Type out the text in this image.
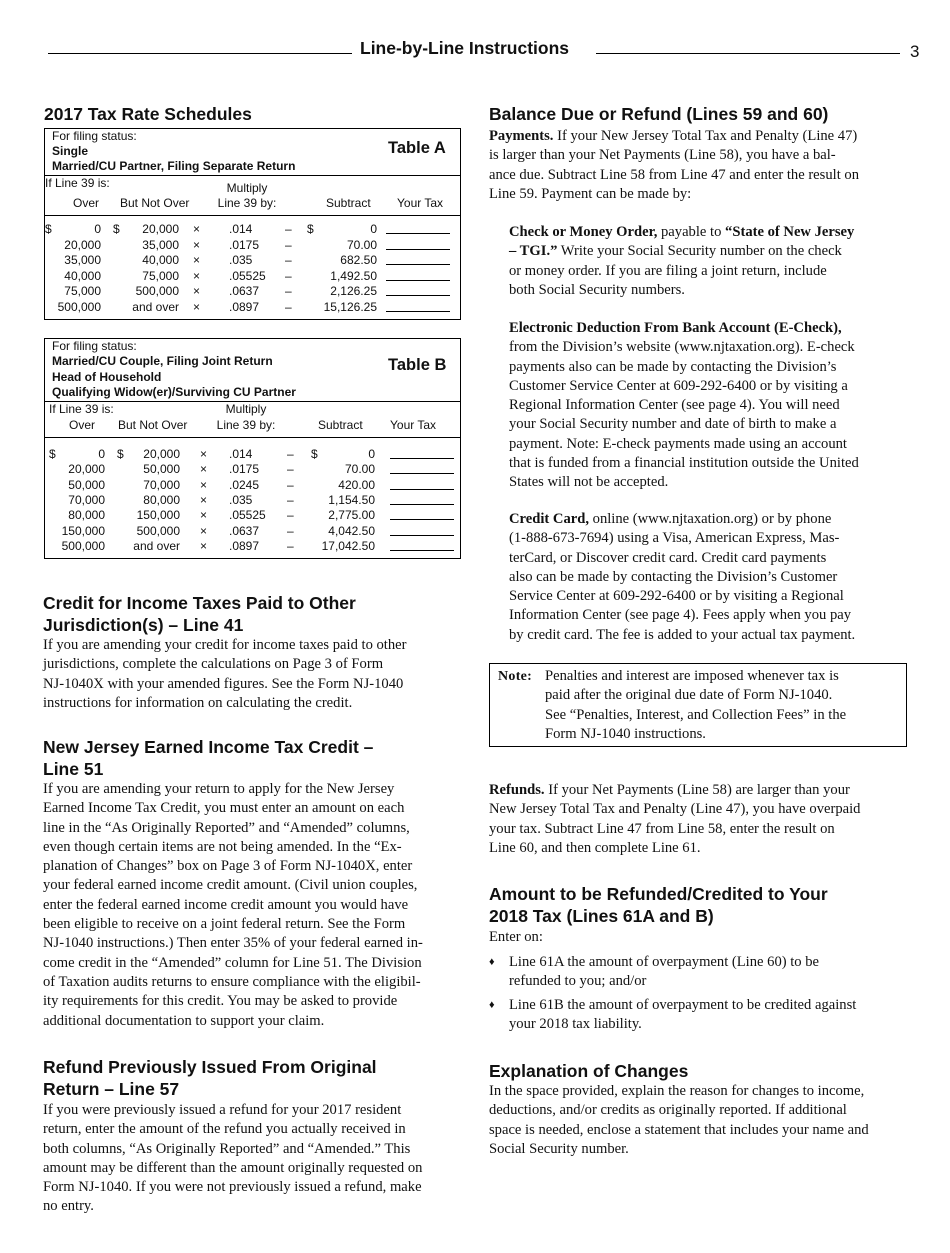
Line-by-Line Instructions	3
2017 Tax Rate Schedules
For filing status:
Single
Married/CU Partner, Filing Separate Return
Table A
If Line 39 is:	Multiply
Over But Not Over	Line 39 by:	Subtract Your Tax
$	0 $	20,000 × .014	– $	0
20,000	35,000 × .0175 –	70.00
35,000	40,000 × .035	–	682.50
40,000	75,000 × .05525 –	1,492.50
75,000	500,000 × .0637 –	2,126.25
500,000	and over × .0897 –	15,126.25
For filing status:
Married/CU Couple, Filing Joint Return
Head of Household
Qualifying Widow(er)/Surviving CU Partner
Table B
If Line 39 is:	Multiply
Over But Not Over	Line 39 by:	Subtract Your Tax
$	0 $	20,000 × .014	– $	0
20,000	50,000 × .0175 –	70.00
50,000	70,000 × .0245 –	420.00
70,000	80,000 × .035	–	1,154.50
80,000	150,000 × .05525 –	2,775.00
150,000	500,000 × .0637 –	4,042.50
500,000	and over × .0897 –	17,042.50
Credit for Income Taxes Paid to Other
Jurisdiction(s) – Line 41
If you are amending your credit for income taxes paid to other
jurisdictions, complete the calculations on Page 3 of Form
NJ-1040X with your amended figures. See the Form NJ-1040
instructions for information on calculating the credit.
New Jersey Earned Income Tax Credit –
Line 51
If you are amending your return to apply for the New Jersey
Earned Income Tax Credit, you must enter an amount on each
line in the “As Originally Reported” and “Amended” columns,
even though certain items are not being amended. In the “Ex-
planation of Changes” box on Page 3 of Form NJ-1040X, enter
your federal earned income credit amount. (Civil union couples,
enter the federal earned income credit amount you would have
been eligible to receive on a joint federal return. See the Form
NJ-1040 instructions.) Then enter 35% of your federal earned in-
come credit in the “Amended” column for Line 51. The Division
of Taxation audits returns to ensure compliance with the eligibil-
ity requirements for this credit. You may be asked to provide
additional documentation to support your claim.
Refund Previously Issued From Original
Return – Line 57
If you were previously issued a refund for your 2017 resident
return, enter the amount of the refund you actually received in
both columns, “As Originally Reported” and “Amended.” This
amount may be different than the amount originally requested on
Form NJ-1040. If you were not previously issued a refund, make
no entry.
Balance Due or Refund (Lines 59 and 60)
Payments. If your New Jersey Total Tax and Penalty (Line 47)
is larger than your Net Payments (Line 58), you have a bal-
ance due. Subtract Line 58 from Line 47 and enter the result on
Line 59. Payment can be made by:
Check or Money Order, payable to “State of New Jersey
– TGI.” Write your Social Security number on the check
or money order. If you are filing a joint return, include
both Social Security numbers.
Electronic Deduction From Bank Account (E-Check),
from the Division’s website (www.njtaxation.org). E-check
payments also can be made by contacting the Division’s
Customer Service Center at 609-292-6400 or by visiting a
Regional Information Center (see page 4). You will need
your Social Security number and date of birth to make a
payment. Note: E-check payments made using an account
that is funded from a financial institution outside the United
States will not be accepted.
Credit Card, online (www.njtaxation.org) or by phone
(1-888-673-7694) using a Visa, American Express, Mas-
terCard, or Discover credit card. Credit card payments
also can be made by contacting the Division’s Customer
Service Center at 609-292-6400 or by visiting a Regional
Information Center (see page 4). Fees apply when you pay
by credit card. The fee is added to your actual tax payment.
Note: Penalties and interest are imposed whenever tax is
paid after the original due date of Form NJ-1040.
See “Penalties, Interest, and Collection Fees” in the
Form NJ-1040 instructions.
Refunds. If your Net Payments (Line 58) are larger than your
New Jersey Total Tax and Penalty (Line 47), you have overpaid
your tax. Subtract Line 47 from Line 58, enter the result on
Line 60, and then complete Line 61.
Amount to be Refunded/Credited to Your
2018 Tax (Lines 61A and B)
Enter on:
♦ Line 61A the amount of overpayment (Line 60) to be
refunded to you; and/or
♦ Line 61B the amount of overpayment to be credited against
your 2018 tax liability.
Explanation of Changes
In the space provided, explain the reason for changes to income,
deductions, and/or credits as originally reported. If additional
space is needed, enclose a statement that includes your name and
Social Security number.
